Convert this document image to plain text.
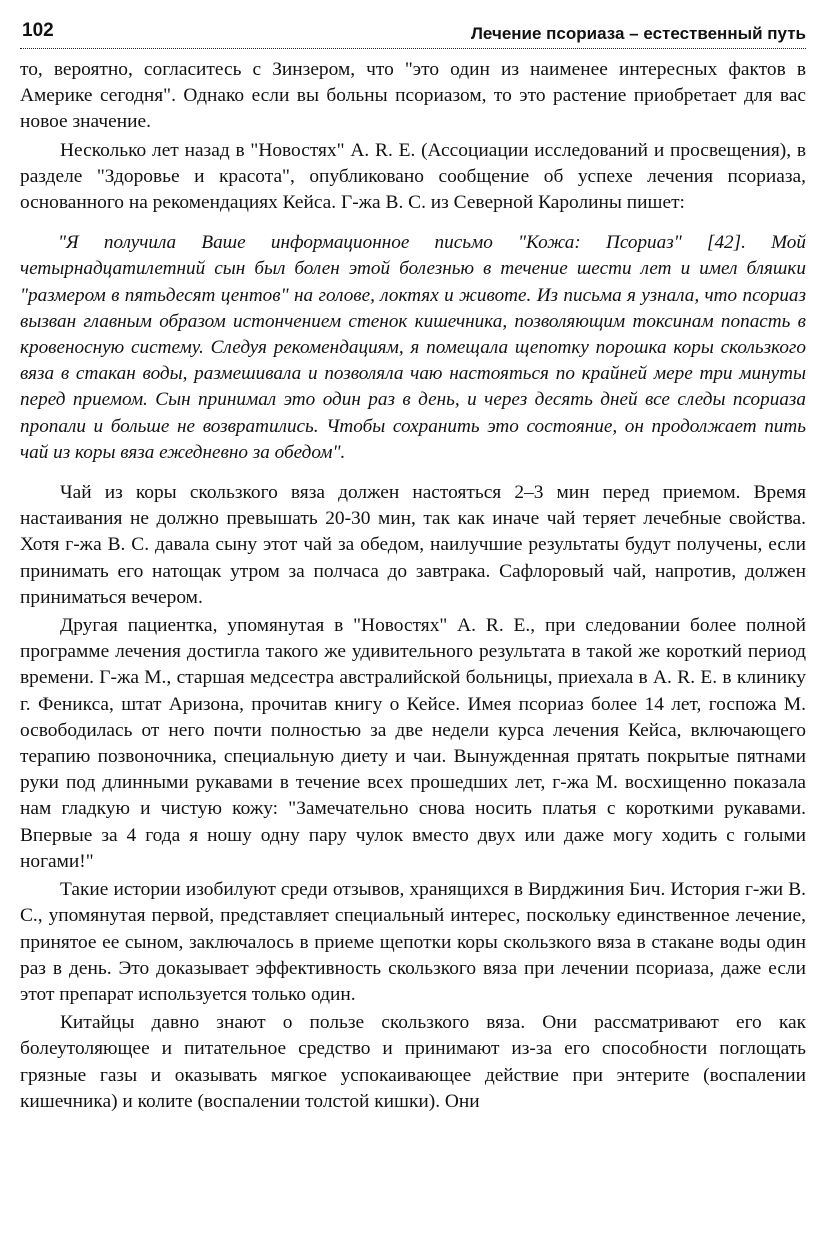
102	Лечение псориаза – естественный путь

то, вероятно, согласитесь с Зинзером, что "это один из наименее интересных фактов в Америке сегодня". Однако если вы больны псориазом, то это растение приобретает для вас новое значение.

Несколько лет назад в "Новостях" А. R. Е. (Ассоциации исследований и просвещения), в разделе "Здоровье и красота", опубликовано сообщение об успехе лечения псориаза, основанного на рекомендациях Кейса. Г-жа В. С. из Северной Каролины пишет:

"Я получила Ваше информационное письмо "Кожа: Псориаз" [42]. Мой четырнадцатилетний сын был болен этой болезнью в течение шести лет и имел бляшки "размером в пятьдесят центов" на голове, локтях и животе. Из письма я узнала, что псориаз вызван главным образом истончением стенок кишечника, позволяющим токсинам попасть в кровеносную систему. Следуя рекомендациям, я помещала щепотку порошка коры скользкого вяза в стакан воды, размешивала и позволяла чаю настояться по крайней мере три минуты перед приемом. Сын принимал это один раз в день, и через десять дней все следы псориаза пропали и больше не возвратились. Чтобы сохранить это состояние, он продолжает пить чай из коры вяза ежедневно за обедом".

Чай из коры скользкого вяза должен настояться 2–3 мин перед приемом. Время настаивания не должно превышать 20-30 мин, так как иначе чай теряет лечебные свойства. Хотя г-жа В. С. давала сыну этот чай за обедом, наилучшие результаты будут получены, если принимать его натощак утром за полчаса до завтрака. Сафлоровый чай, напротив, должен приниматься вечером.

Другая пациентка, упомянутая в "Новостях" А. R. Е., при следовании более полной программе лечения достигла такого же удивительного результата в такой же короткий период времени. Г-жа М., старшая медсестра австралийской больницы, приехала в А. R. Е. в клинику г. Феникса, штат Аризона, прочитав книгу о Кейсе. Имея псориаз более 14 лет, госпожа М. освободилась от него почти полностью за две недели курса лечения Кейса, включающего терапию позвоночника, специальную диету и чаи. Вынужденная прятать покрытые пятнами руки под длинными рукавами в течение всех прошедших лет, г-жа М. восхищенно показала нам гладкую и чистую кожу: "Замечательно снова носить платья с короткими рукавами. Впервые за 4 года я ношу одну пару чулок вместо двух или даже могу ходить с голыми ногами!"

Такие истории изобилуют среди отзывов, хранящихся в Вирджиния Бич. История г-жи В. С., упомянутая первой, представляет специальный интерес, поскольку единственное лечение, принятое ее сыном, заключалось в приеме щепотки коры скользкого вяза в стакане воды один раз в день. Это доказывает эффективность скользкого вяза при лечении псориаза, даже если этот препарат используется только один.

Китайцы давно знают о пользе скользкого вяза. Они рассматривают его как болеутоляющее и питательное средство и принимают из-за его способности поглощать грязные газы и оказывать мягкое успокаивающее действие при энтерите (воспалении кишечника) и колите (воспалении толстой кишки). Они
